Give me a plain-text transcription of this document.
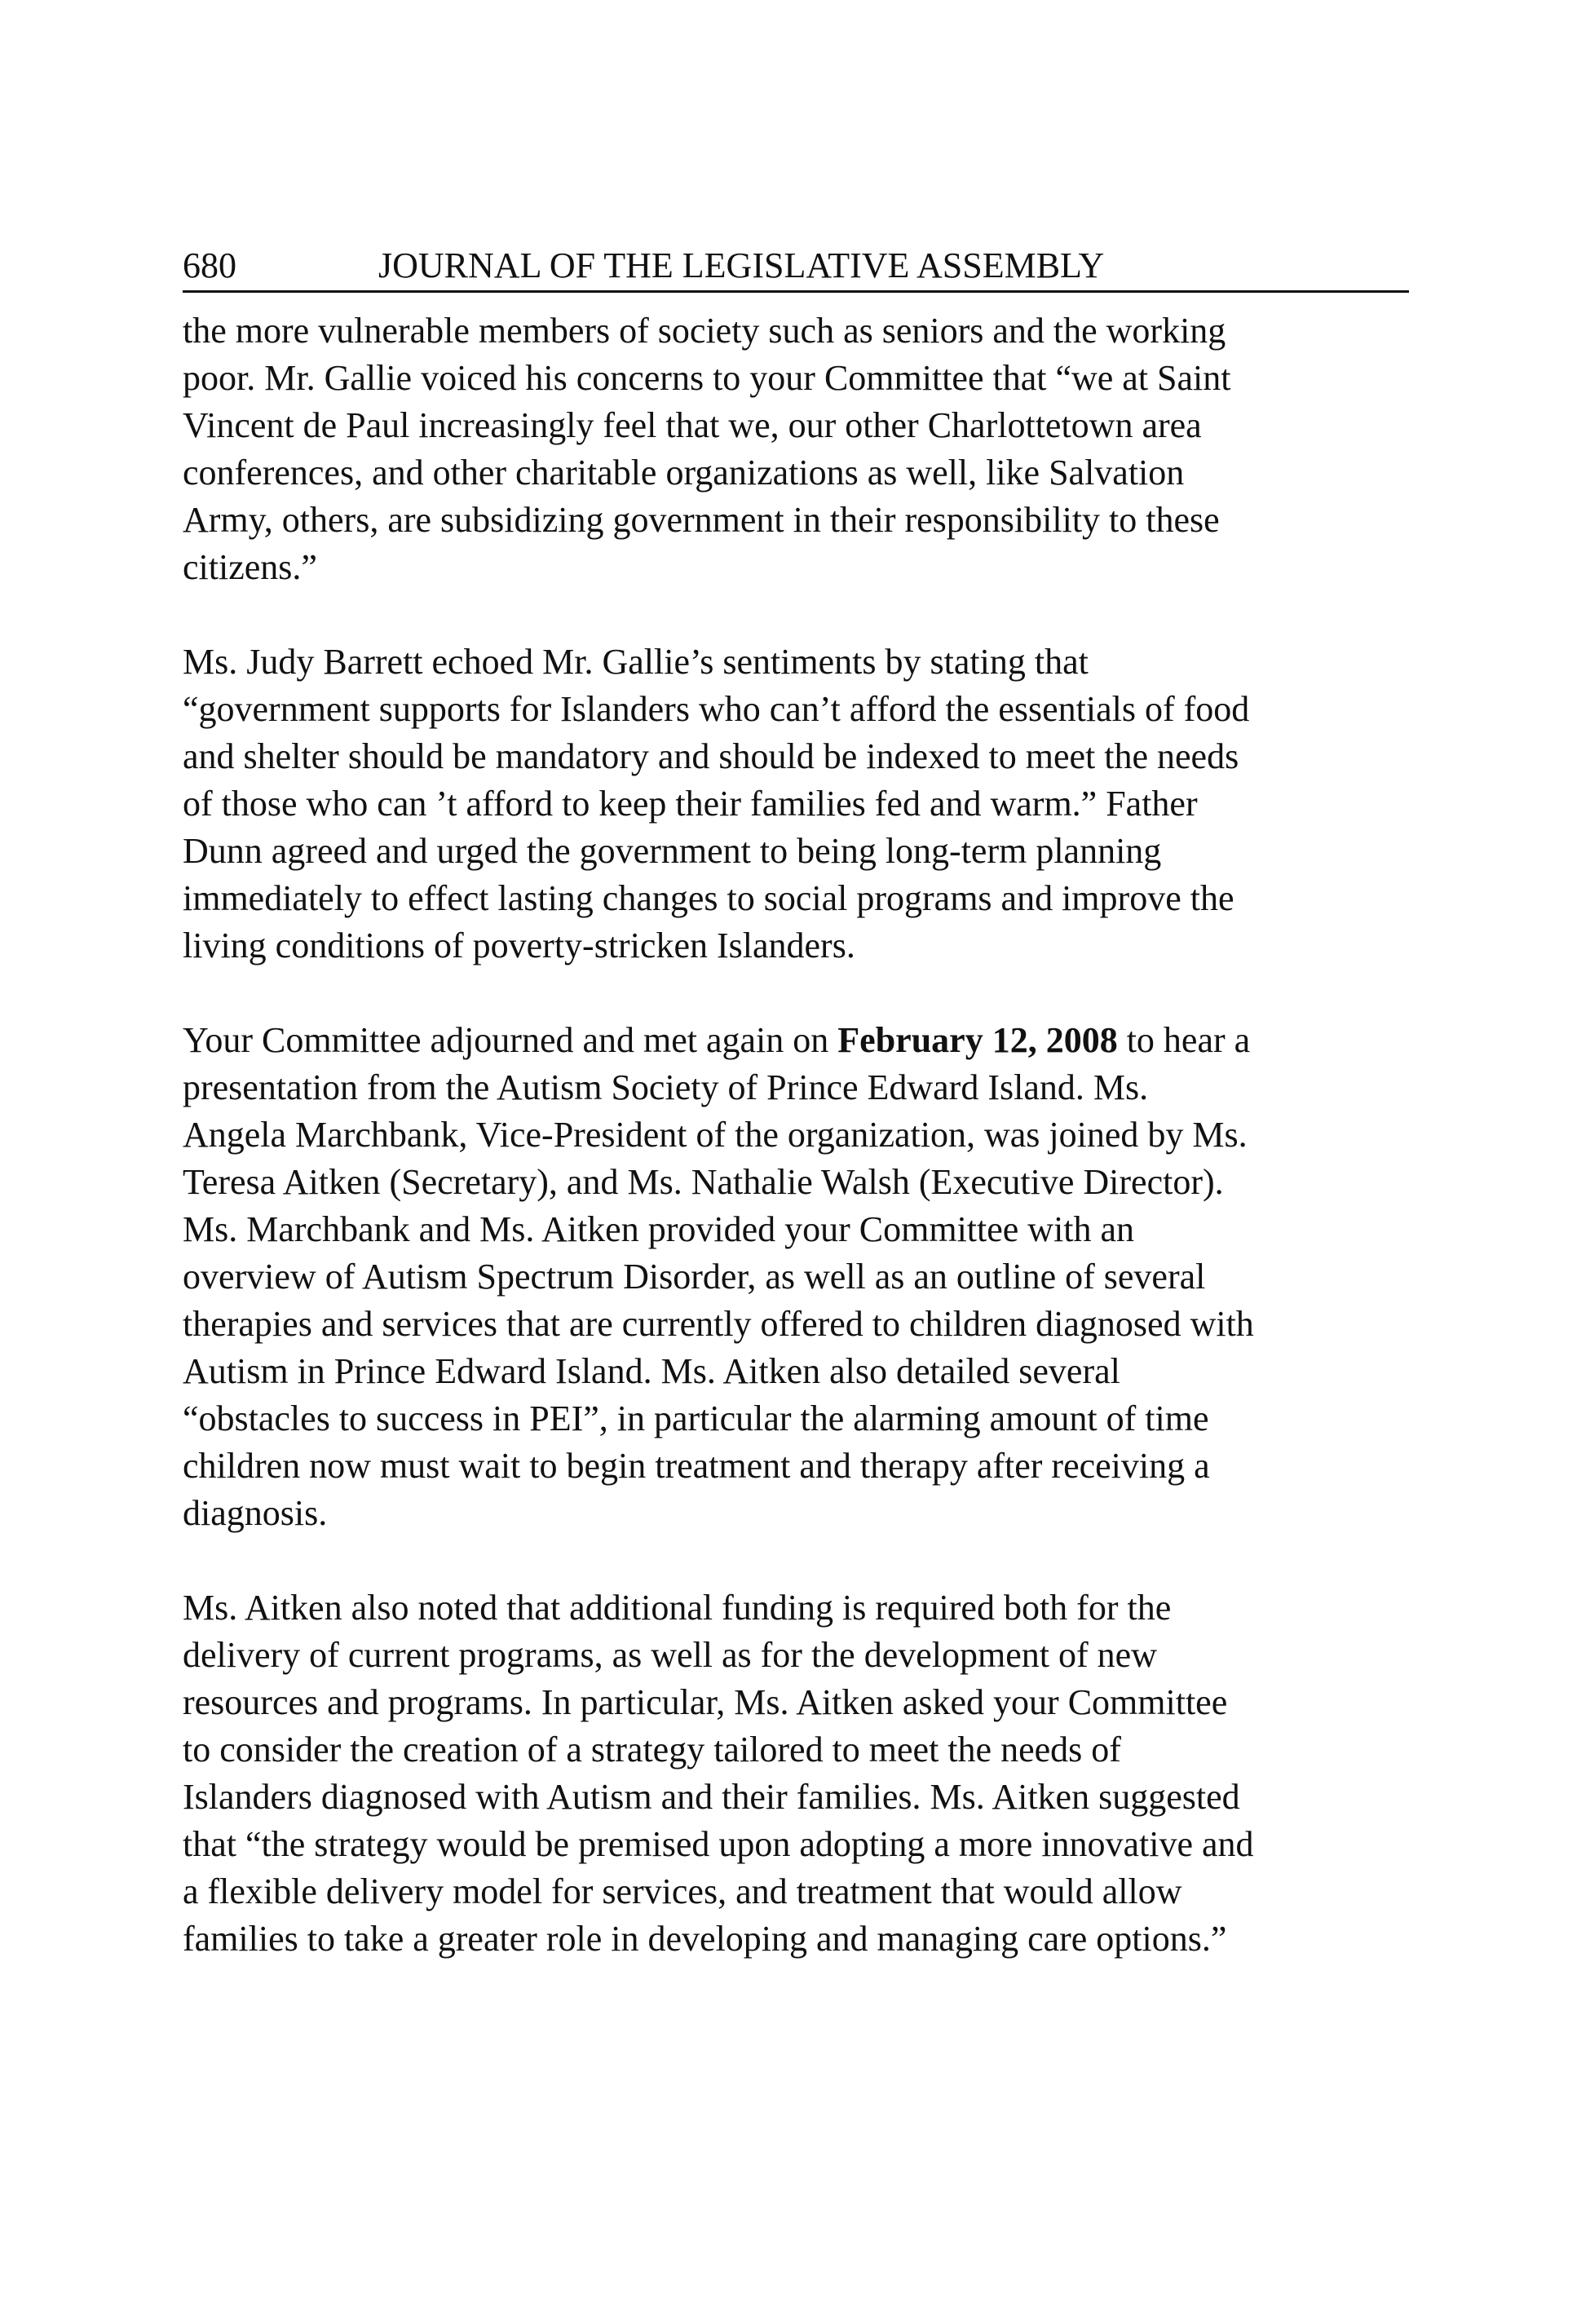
680	JOURNAL OF THE LEGISLATIVE ASSEMBLY

the more vulnerable members of society such as seniors and the working
poor. Mr. Gallie voiced his concerns to your Committee that “we at Saint
Vincent de Paul increasingly feel that we, our other Charlottetown area
conferences, and other charitable organizations as well, like Salvation
Army, others, are subsidizing government in their responsibility to these
citizens.”

Ms. Judy Barrett echoed Mr. Gallie’s sentiments by stating that
“government supports for Islanders who can’t afford the essentials of food
and shelter should be mandatory and should be indexed to meet the needs
of those who can ’t afford to keep their families fed and warm.” Father
Dunn agreed and urged the government to being long-term planning
immediately to effect lasting changes to social programs and improve the
living conditions of poverty-stricken Islanders.

Your Committee adjourned and met again on February 12, 2008 to hear a
presentation from the Autism Society of Prince Edward Island. Ms.
Angela Marchbank, Vice-President of the organization, was joined by Ms.
Teresa Aitken (Secretary), and Ms. Nathalie Walsh (Executive Director).
Ms. Marchbank and Ms. Aitken provided your Committee with an
overview of Autism Spectrum Disorder, as well as an outline of several
therapies and services that are currently offered to children diagnosed with
Autism in Prince Edward Island. Ms. Aitken also detailed several
“obstacles to success in PEI”, in particular the alarming amount of time
children now must wait to begin treatment and therapy after receiving a
diagnosis.

Ms. Aitken also noted that additional funding is required both for the
delivery of current programs, as well as for the development of new
resources and programs. In particular, Ms. Aitken asked your Committee
to consider the creation of a strategy tailored to meet the needs of
Islanders diagnosed with Autism and their families. Ms. Aitken suggested
that “the strategy would be premised upon adopting a more innovative and
a flexible delivery model for services, and treatment that would allow
families to take a greater role in developing and managing care options.”
